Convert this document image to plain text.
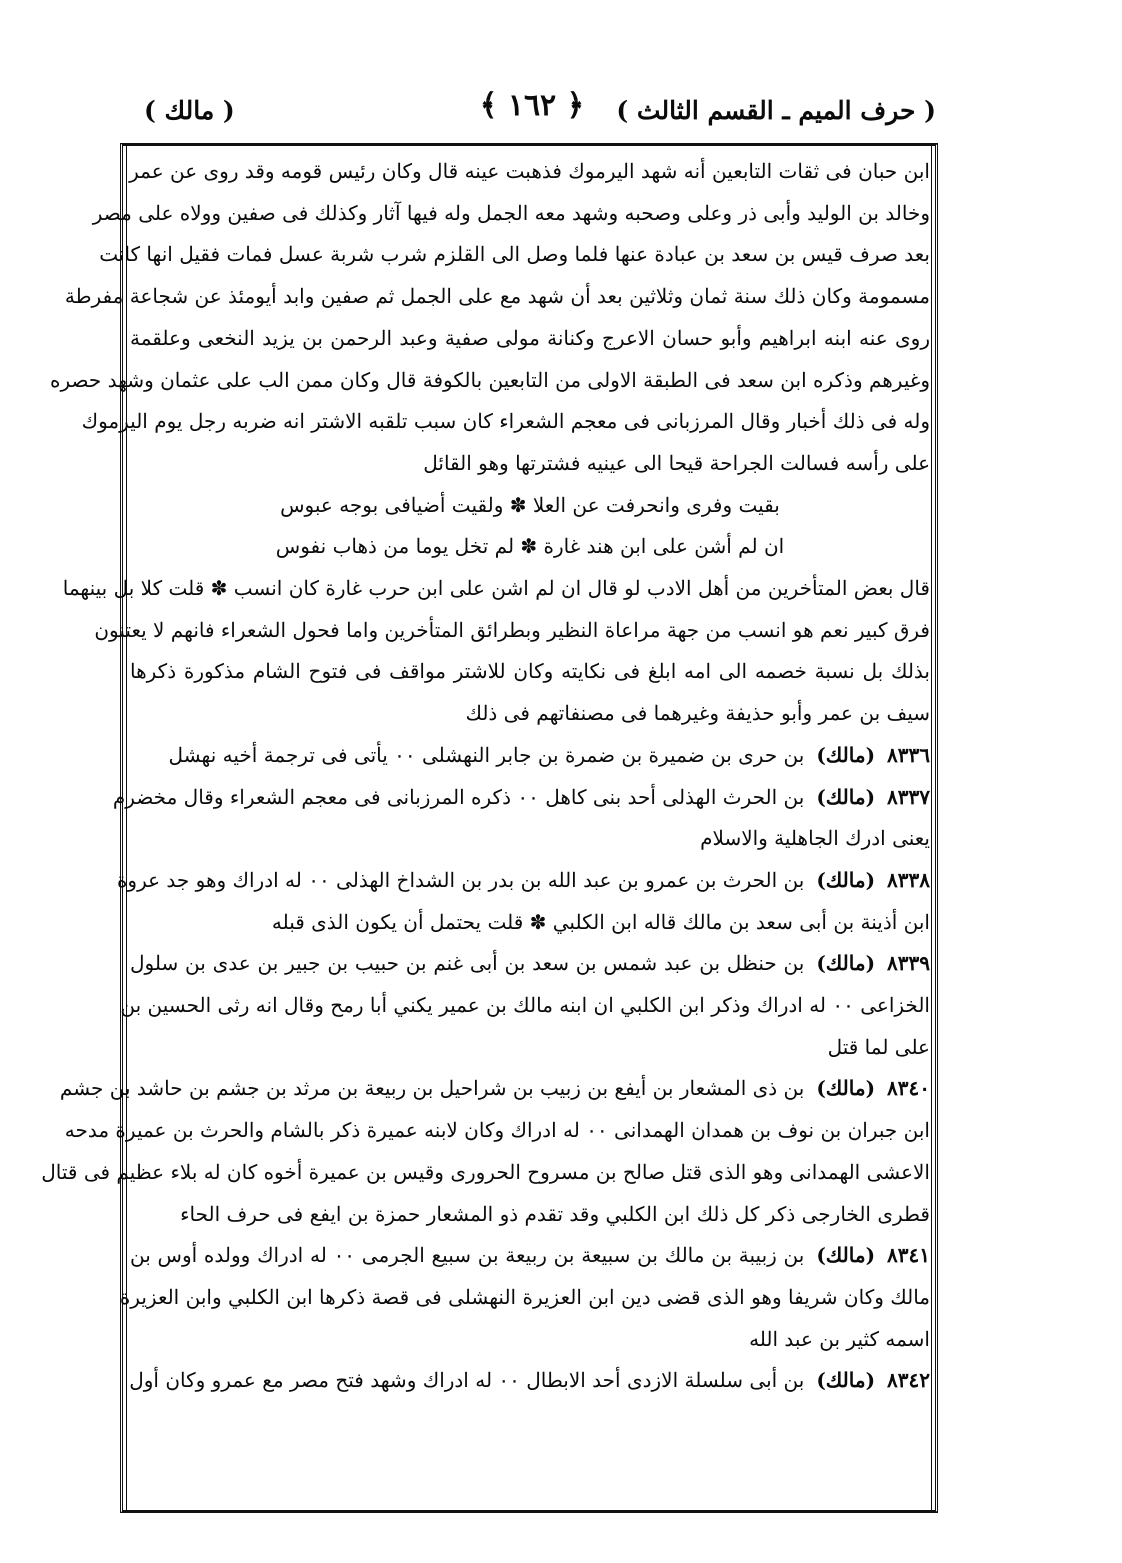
( حرف الميم ـ القسم الثالث )
﴿ ١٦٢ ﴾
( مالك )
ابن حبان فى ثقات التابعين أنه شهد اليرموك فذهبت عينه قال وكان رئيس قومه وقد روى عن عمر
وخالد بن الوليد وأبى ذر وعلى وصحبه وشهد معه الجمل وله فيها آثار وكذلك فى صفين وولاه على مصر
بعد صرف قيس بن سعد بن عبادة عنها فلما وصل الى القلزم شرب شربة عسل فمات فقيل انها كانت
مسمومة وكان ذلك سنة ثمان وثلاثين بعد أن شهد مع على الجمل ثم صفين وابد أيومئذ عن شجاعة مفرطة
روى عنه ابنه ابراهيم وأبو حسان الاعرج وكنانة مولى صفية وعبد الرحمن بن يزيد النخعى وعلقمة
وغيرهم وذكره ابن سعد فى الطبقة الاولى من التابعين بالكوفة قال وكان ممن الب على عثمان وشهد حصره
وله فى ذلك أخبار وقال المرزبانى فى معجم الشعراء كان سبب تلقبه الاشتر انه ضربه رجل يوم اليرموك
على رأسه فسالت الجراحة قيحا الى عينيه فشترتها وهو القائل
بقيت وفرى وانحرفت عن العلا ✽ ولقيت أضيافى بوجه عبوس
ان لم أشن على ابن هند غارة ✽ لم تخل يوما من ذهاب نفوس
قال بعض المتأخرين من أهل الادب لو قال ان لم اشن على ابن حرب غارة كان انسب ✽ قلت كلا بل بينهما
فرق كبير نعم هو انسب من جهة مراعاة النظير وبطرائق المتأخرين واما فحول الشعراء فانهم لا يعتنون
بذلك بل نسبة خصمه الى امه ابلغ فى نكايته وكان للاشتر مواقف فى فتوح الشام مذكورة ذكرها
سيف بن عمر وأبو حذيفة وغيرهما فى مصنفاتهم فى ذلك
٨٣٣٦(مالك)بن حرى بن ضميرة بن ضمرة بن جابر النهشلى ٠٠ يأتى فى ترجمة أخيه نهشل
٨٣٣٧(مالك)بن الحرث الهذلى أحد بنى كاهل ٠٠ ذكره المرزبانى فى معجم الشعراء وقال مخضرم
يعنى ادرك الجاهلية والاسلام
٨٣٣٨(مالك)بن الحرث بن عمرو بن عبد الله بن بدر بن الشداخ الهذلى ٠٠ له ادراك وهو جد عروة
ابن أذينة بن أبى سعد بن مالك قاله ابن الكلبي ✽ قلت يحتمل أن يكون الذى قبله
٨٣٣٩(مالك)بن حنظل بن عبد شمس بن سعد بن أبى غنم بن حبيب بن جبير بن عدى بن سلول
الخزاعى ٠٠ له ادراك وذكر ابن الكلبي ان ابنه مالك بن عمير يكني أبا رمح وقال انه رثى الحسين بن
على لما قتل
٨٣٤٠(مالك)بن ذى المشعار بن أيفع بن زبيب بن شراحيل بن ربيعة بن مرثد بن جشم بن حاشد بن جشم
ابن جبران بن نوف بن همدان الهمدانى ٠٠ له ادراك وكان لابنه عميرة ذكر بالشام والحرث بن عميرة مدحه
الاعشى الهمدانى وهو الذى قتل صالح بن مسروح الحرورى وقيس بن عميرة أخوه كان له بلاء عظيم فى قتال
قطرى الخارجى ذكر كل ذلك ابن الكلبي وقد تقدم ذو المشعار حمزة بن ايفع فى حرف الحاء
٨٣٤١(مالك)بن زبيبة بن مالك بن سبيعة بن ربيعة بن سبيع الجرمى ٠٠ له ادراك وولده أوس بن
مالك وكان شريفا وهو الذى قضى دين ابن العزيرة النهشلى فى قصة ذكرها ابن الكلبي وابن العزيرة
اسمه كثير بن عبد الله
٨٣٤٢(مالك)بن أبى سلسلة الازدى أحد الابطال ٠٠ له ادراك وشهد فتح مصر مع عمرو وكان أول
